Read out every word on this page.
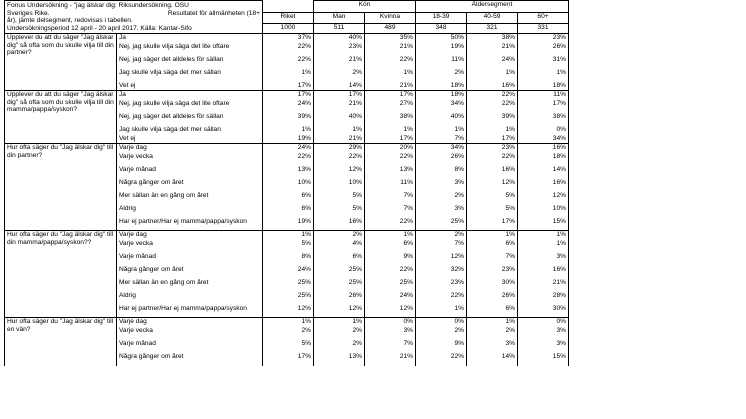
Fonus Undersökning - "jag älskar dig: Riksundersökning. OSU
Sveriges Rike. Resultatet för allmänheten (18+
år), jämte delsegment, redovisas i tabellen.
Undersökningsperiod 12 april - 20 april 2017. Källa: Kantar-Sifo			Kön		Åldersegment		
		Riket	Man	Kvinna	18-39	40-59	60+
		1000	511	489	348	321	331
Upplever du att du säger "Jag älskar dig" så ofta som du skulle vilja till din partner?	Ja	37%	40%	35%	50%	38%	23%
	Nej, jag skulle vilja säga det lite oftare	22%	23%	21%	19%	21%	26%
	Nej, jag säger det alldeles för sällan	22%	21%	22%	11%	24%	31%
	Jag skulle vilja säga det mer sällan	1%	2%	1%	2%	1%	1%
	Vet ej	17%	14%	21%	18%	16%	18%
Upplever du att du säger "Jag älskar dig" så ofta som du skulle vilja till din mamma/pappa/syskon?	Ja	17%	17%	17%	18%	22%	11%
	Nej, jag skulle vilja säga det lite oftare	24%	21%	27%	34%	22%	17%
	Nej, jag säger det alldeles för sällan	39%	40%	38%	40%	39%	38%
	Jag skulle vilja säga det mer sällan	1%	1%	1%	1%	1%	0%
	Vet ej	19%	21%	17%	7%	17%	34%
Hur ofta säger du "Jag älskar dig" till din partner?	Varje dag	24%	29%	20%	34%	23%	16%
	Varje vecka	22%	22%	22%	26%	22%	18%
	Varje månad	13%	12%	13%	8%	16%	14%
	Några gånger om året	10%	10%	11%	3%	12%	16%
	Mer sällan än en gång om året	6%	5%	7%	2%	5%	12%
	Aldrig	6%	5%	7%	3%	5%	10%
	Har ej partner/Har ej mamma/pappa/syskon	19%	16%	22%	25%	17%	15%
Hur ofta säger du "Jag älskar dig" till din mamma/pappa/syskon??	Varje dag	1%	2%	1%	2%	1%	1%
	Varje vecka	5%	4%	6%	7%	6%	1%
	Varje månad	8%	6%	9%	12%	7%	3%
	Några gånger om året	24%	25%	22%	32%	23%	16%
	Mer sällan än en gång om året	25%	25%	25%	23%	30%	21%
	Aldrig	25%	26%	24%	22%	26%	28%
	Har ej partner/Har ej mamma/pappa/syskon	12%	12%	12%	1%	6%	30%
Hur ofta säger du "Jag älskar dig" till en vän?	Varje dag	1%	1%	0%	0%	1%	0%
	Varje vecka	2%	2%	3%	2%	2%	3%
	Varje månad	5%	2%	7%	9%	3%	3%
	Några gånger om året	17%	13%	21%	22%	14%	15%
